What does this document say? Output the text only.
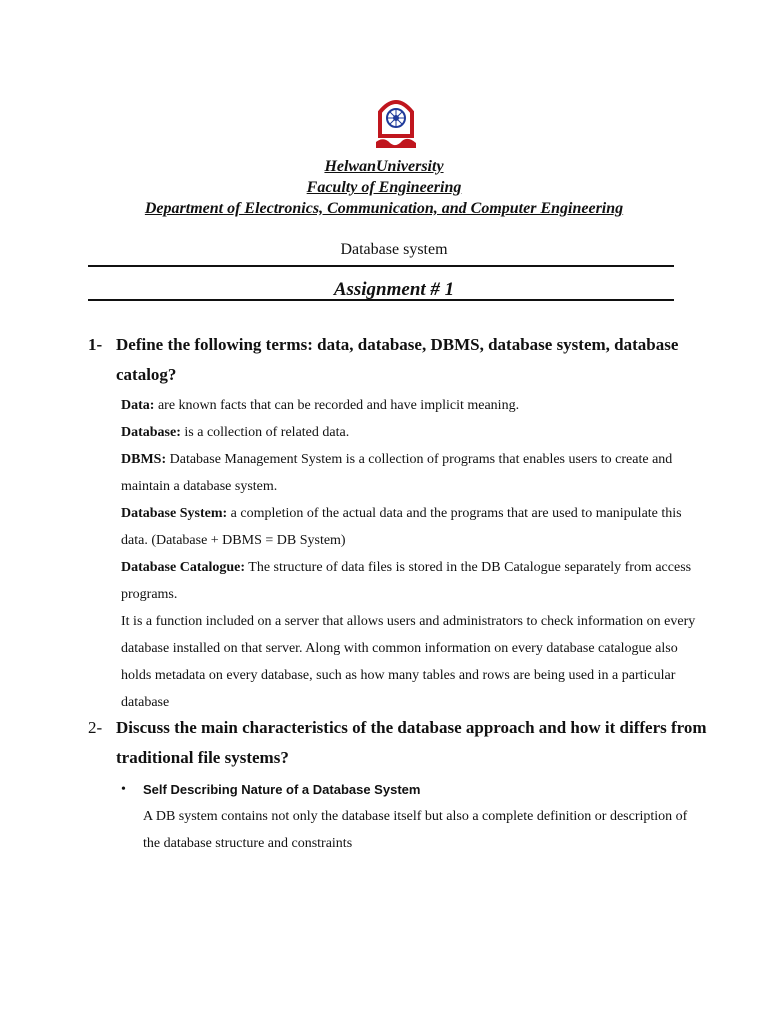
HelwanUniversity
Faculty of Engineering
Department of Electronics, Communication, and Computer Engineering
Database system
Assignment # 1
1- Define the following terms: data, database, DBMS, database system, database catalog?
Data: are known facts that can be recorded and have implicit meaning.
Database: is a collection of related data.
DBMS: Database Management System is a collection of programs that enables users to create and maintain a database system.
Database System: a completion of the actual data and the programs that are used to manipulate this data. (Database + DBMS = DB System)
Database Catalogue: The structure of data files is stored in the DB Catalogue separately from access programs.
It is a function included on a server that allows users and administrators to check information on every database installed on that server. Along with common information on every database catalogue also holds metadata on every database, such as how many tables and rows are being used in a particular database
2- Discuss the main characteristics of the database approach and how it differs from traditional file systems?
• Self Describing Nature of a Database System
A DB system contains not only the database itself but also a complete definition or description of the database structure and constraints
